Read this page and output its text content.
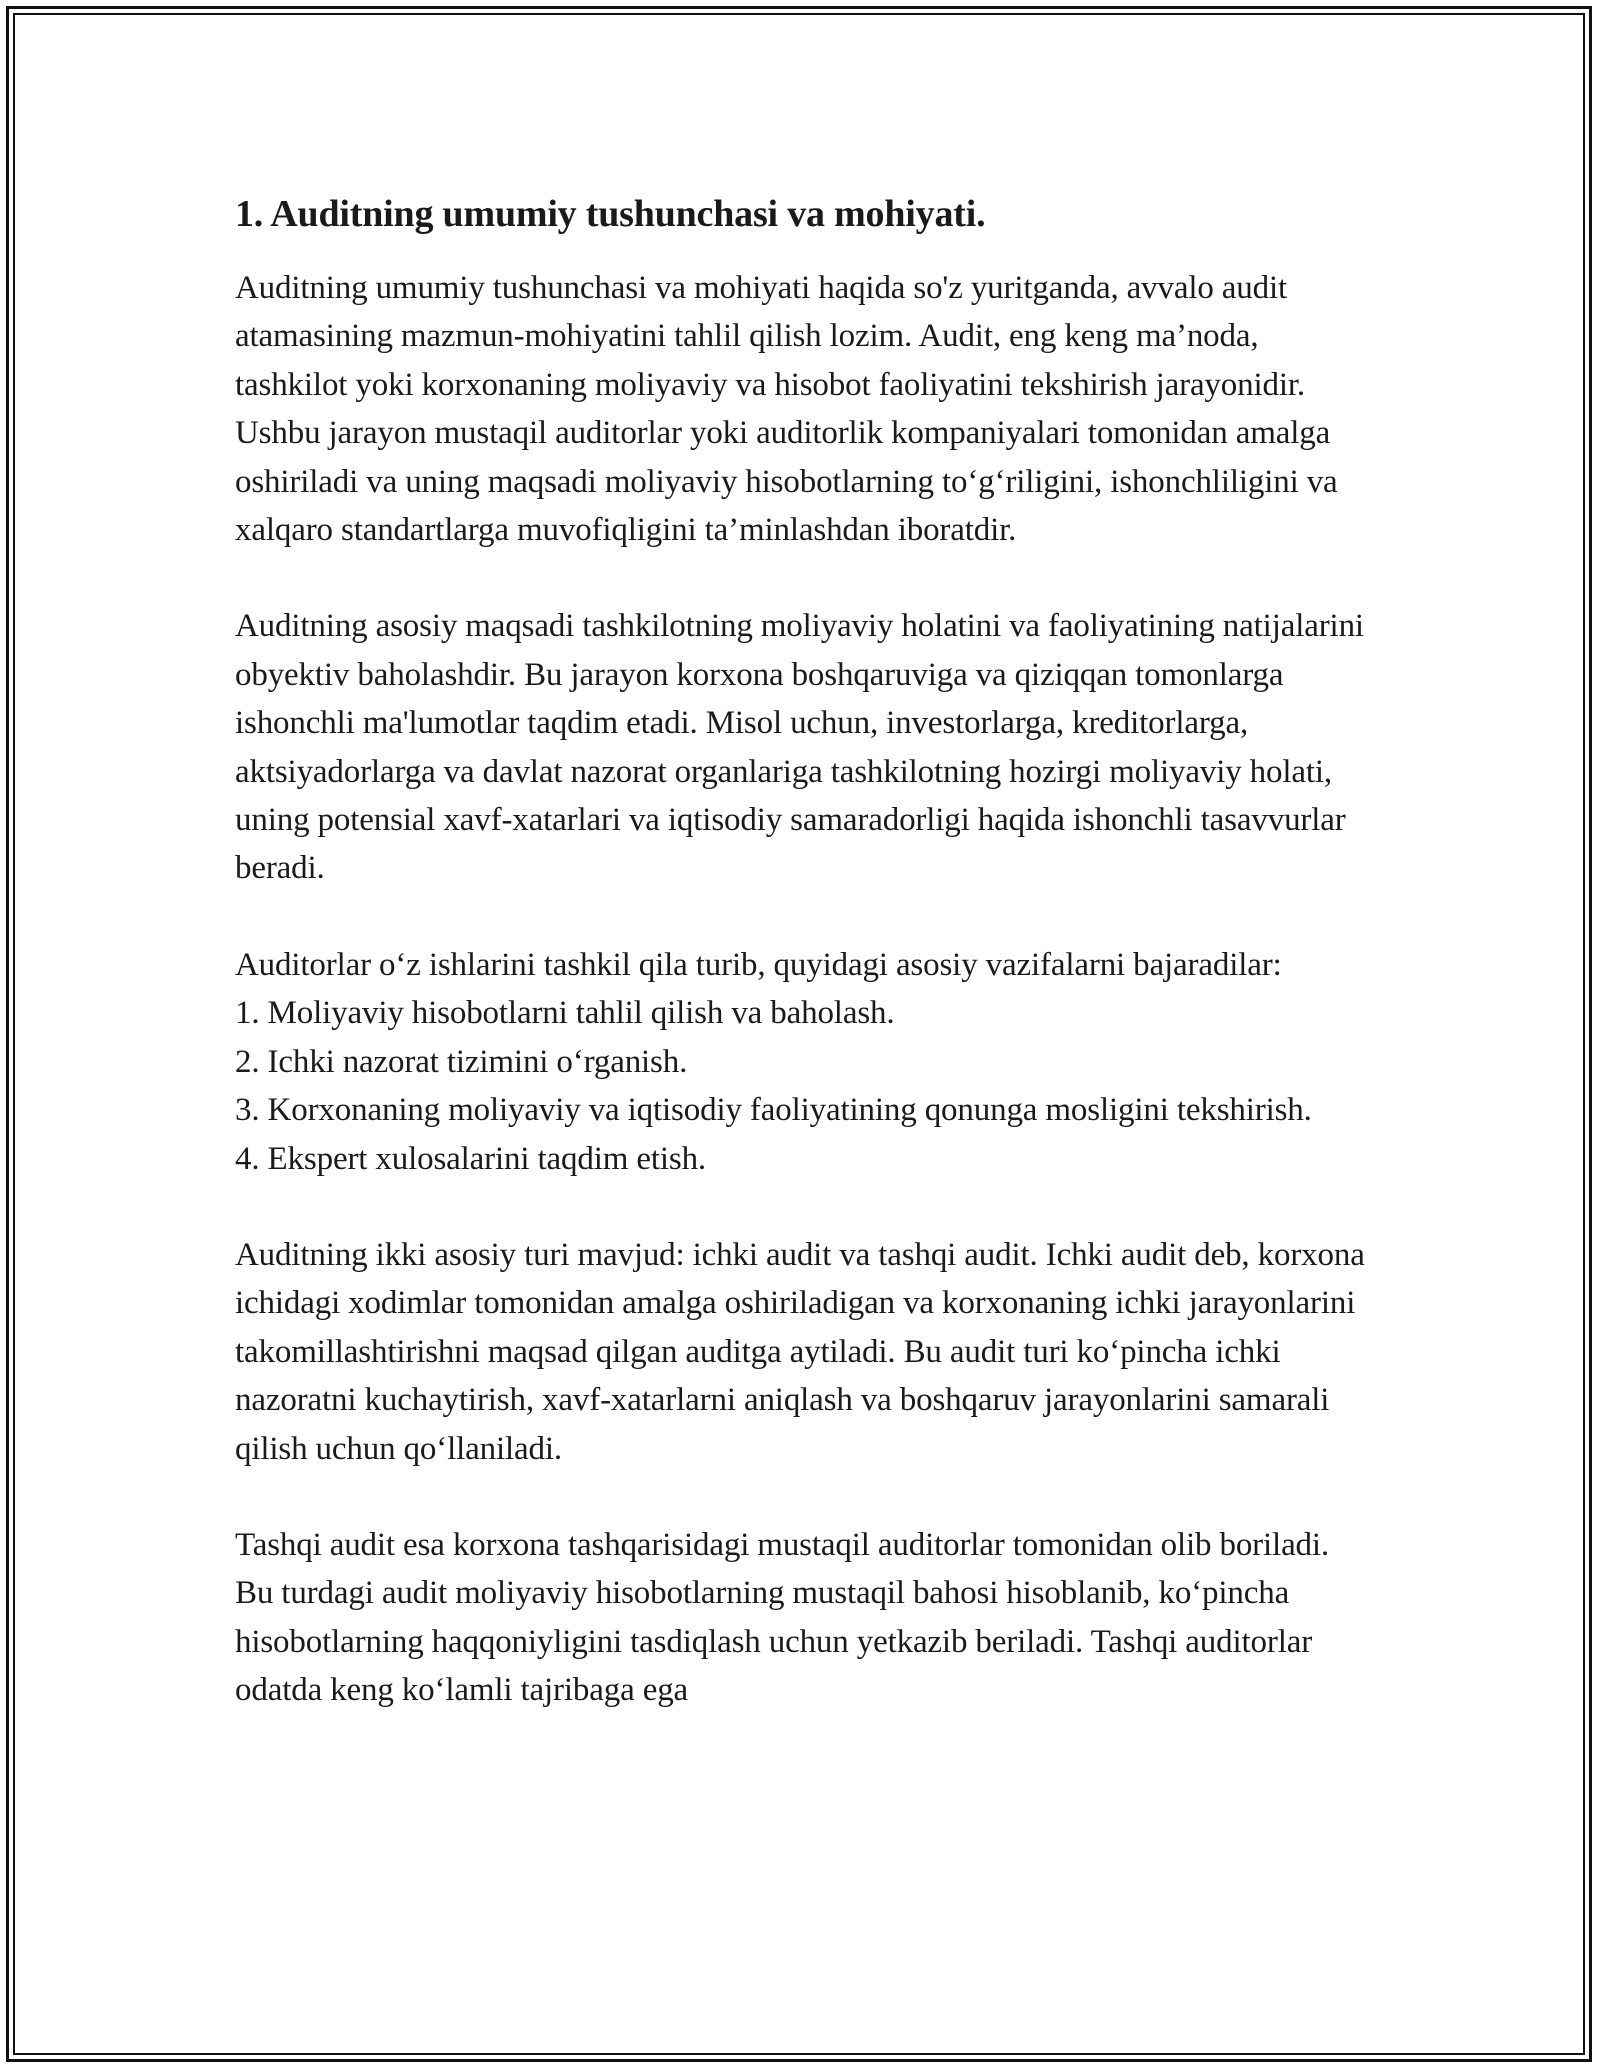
1. Auditning umumiy tushunchasi va mohiyati.

Auditning umumiy tushunchasi va mohiyati haqida so'z yuritganda, avvalo audit atamasining mazmun-mohiyatini tahlil qilish lozim. Audit, eng keng ma’noda, tashkilot yoki korxonaning moliyaviy va hisobot faoliyatini tekshirish jarayonidir. Ushbu jarayon mustaqil auditorlar yoki auditorlik kompaniyalari tomonidan amalga oshiriladi va uning maqsadi moliyaviy hisobotlarning to‘g‘riligini, ishonchliligini va xalqaro standartlarga muvofiqligini ta’minlashdan iboratdir.

Auditning asosiy maqsadi tashkilotning moliyaviy holatini va faoliyatining natijalarini obyektiv baholashdir. Bu jarayon korxona boshqaruviga va qiziqqan tomonlarga ishonchli ma'lumotlar taqdim etadi. Misol uchun, investorlarga, kreditorlarga, aktsiyadorlarga va davlat nazorat organlariga tashkilotning hozirgi moliyaviy holati, uning potensial xavf-xatarlari va iqtisodiy samaradorligi haqida ishonchli tasavvurlar beradi.

Auditorlar o‘z ishlarini tashkil qila turib, quyidagi asosiy vazifalarni bajaradilar:
1. Moliyaviy hisobotlarni tahlil qilish va baholash.
2. Ichki nazorat tizimini o‘rganish.
3. Korxonaning moliyaviy va iqtisodiy faoliyatining qonunga mosligini tekshirish.
4. Ekspert xulosalarini taqdim etish.

Auditning ikki asosiy turi mavjud: ichki audit va tashqi audit. Ichki audit deb, korxona ichidagi xodimlar tomonidan amalga oshiriladigan va korxonaning ichki jarayonlarini takomillashtirishni maqsad qilgan auditga aytiladi. Bu audit turi ko‘pincha ichki nazoratni kuchaytirish, xavf-xatarlarni aniqlash va boshqaruv jarayonlarini samarali qilish uchun qo‘llaniladi.

Tashqi audit esa korxona tashqarisidagi mustaqil auditorlar tomonidan olib boriladi. Bu turdagi audit moliyaviy hisobotlarning mustaqil bahosi hisoblanib, ko‘pincha hisobotlarning haqqoniyligini tasdiqlash uchun yetkazib beriladi. Tashqi auditorlar odatda keng ko‘lamli tajribaga ega
